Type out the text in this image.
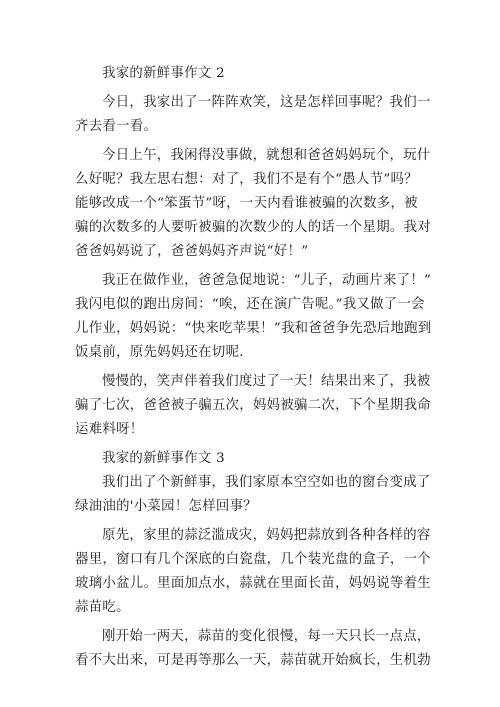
我家的新鲜事作文 2
今日，我家出了一阵阵欢笑，这是怎样回事呢？我们一
齐去看一看。
今日上午，我闲得没事做，就想和爸爸妈妈玩个，玩什
么好呢？我左思右想：对了，我们不是有个“愚人节”吗？
能够改成一个“笨蛋节”呀，一天内看谁被骗的次数多，被
骗的次数多的人要听被骗的次数少的人的话一个星期。我对
爸爸妈妈说了，爸爸妈妈齐声说“好！”
我正在做作业，爸爸急促地说：“儿子，动画片来了！”
我闪电似的跑出房间：“唉，还在演广告呢。”我又做了一会
儿作业，妈妈说：“快来吃苹果！”我和爸爸争先恐后地跑到
饭桌前，原先妈妈还在切呢.
慢慢的，笑声伴着我们度过了一天！结果出来了，我被
骗了七次，爸爸被子骗五次，妈妈被骗二次，下个星期我命
运难料呀！
我家的新鲜事作文 3
我们出了个新鲜事，我们家原本空空如也的窗台变成了
绿油油的'小菜园！怎样回事？
原先，家里的蒜泛滥成灾，妈妈把蒜放到各种各样的容
器里，窗口有几个深底的白瓷盘，几个装光盘的盒子，一个
玻璃小盆儿。里面加点水，蒜就在里面长苗，妈妈说等着生
蒜苗吃。
刚开始一两天，蒜苗的变化很慢，每一天只长一点点，
看不大出来，可是再等那么一天，蒜苗就开始疯长，生机勃
